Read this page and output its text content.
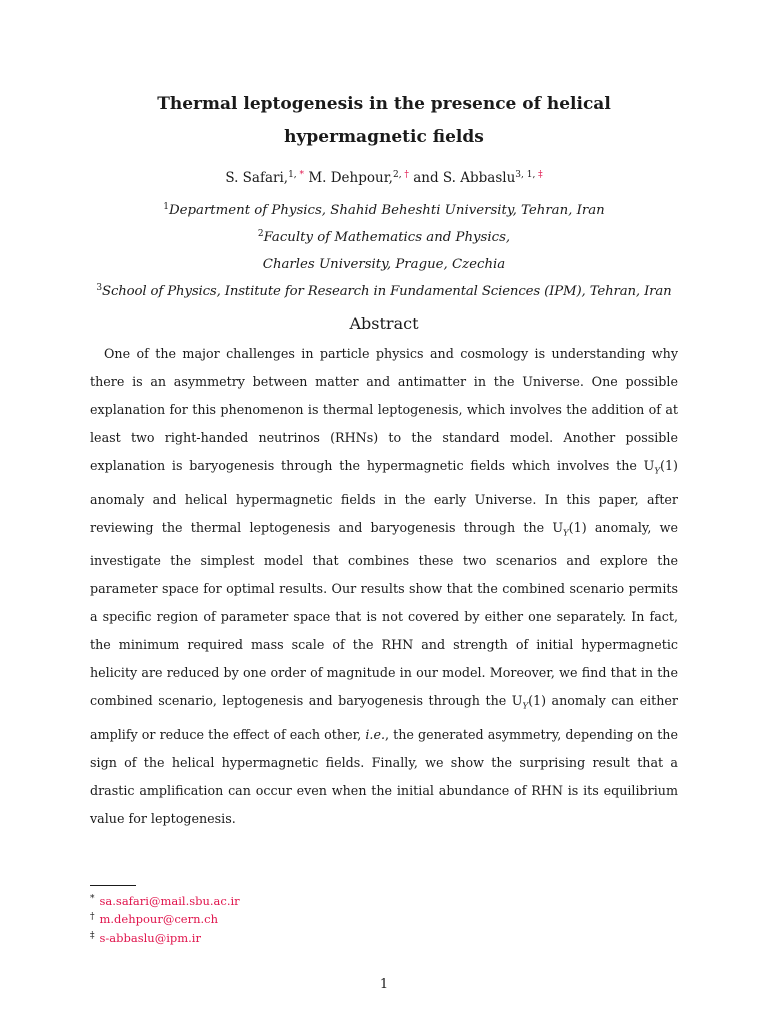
Thermal leptogenesis in the presence of helical hypermagnetic fields
S. Safari,$^{1, *}$ M. Dehpour,$^{2, \dagger}$ and S. Abbaslu$^{3, 1, \ddagger}$
$^1$Department of Physics, Shahid Beheshti University, Tehran, Iran
$^2$Faculty of Mathematics and Physics,
Charles University, Prague, Czechia
$^3$School of Physics, Institute for Research in Fundamental Sciences (IPM), Tehran, Iran
Abstract
One of the major challenges in particle physics and cosmology is understanding why there is an asymmetry between matter and antimatter in the Universe. One possible explanation for this phenomenon is thermal leptogenesis, which involves the addition of at least two right-handed neutrinos (RHNs) to the standard model. Another possible explanation is baryogenesis through the hypermagnetic fields which involves the $U_Y(1)$ anomaly and helical hypermagnetic fields in the early Universe. In this paper, after reviewing the thermal leptogenesis and baryogenesis through the $U_Y(1)$ anomaly, we investigate the simplest model that combines these two scenarios and explore the parameter space for optimal results. Our results show that the combined scenario permits a specific region of parameter space that is not covered by either one separately. In fact, the minimum required mass scale of the RHN and strength of initial hypermagnetic helicity are reduced by one order of magnitude in our model. Moreover, we find that in the combined scenario, leptogenesis and baryogenesis through the $U_Y(1)$ anomaly can either amplify or reduce the effect of each other, i.e., the generated asymmetry, depending on the sign of the helical hypermagnetic fields. Finally, we show the surprising result that a drastic amplification can occur even when the initial abundance of RHN is its equilibrium value for leptogenesis.
* sa.safari@mail.sbu.ac.ir
† m.dehpour@cern.ch
‡ s-abbaslu@ipm.ir
1
